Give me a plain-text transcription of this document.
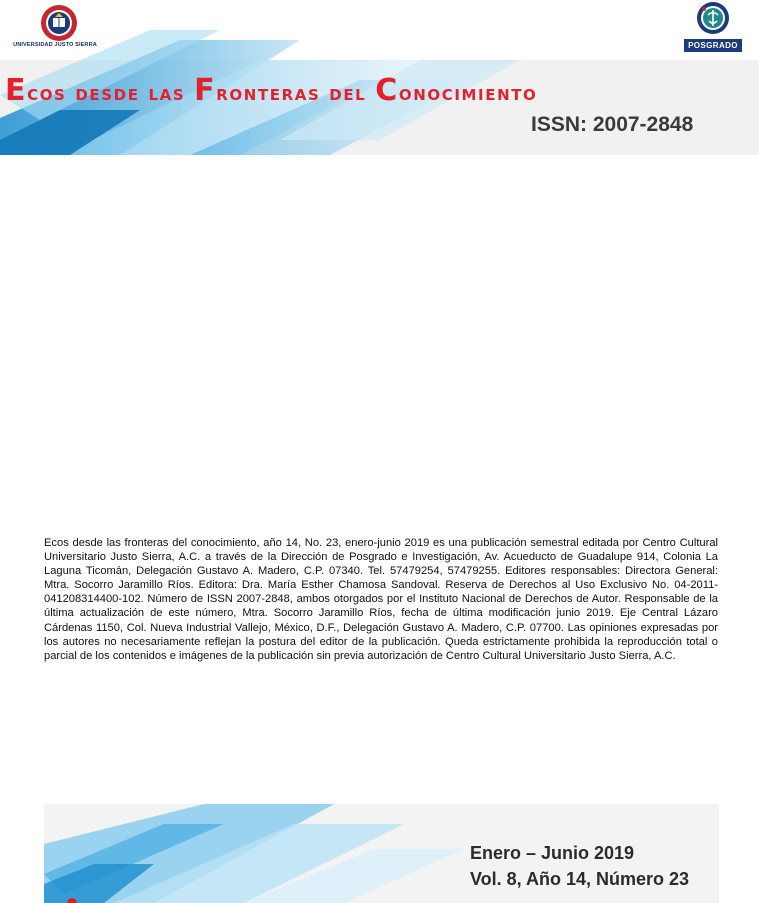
UNIVERSIDAD JUSTO SIERRA	POSGRADO
Ecos desde las Fronteras del Conocimiento
ISSN: 2007-2848
Ecos desde las fronteras del conocimiento, año 14, No. 23, enero-junio 2019 es una publicación semestral editada por Centro Cultural Universitario Justo Sierra, A.C. a través de la Dirección de Posgrado e Investigación, Av. Acueducto de Guadalupe 914, Colonia La Laguna Ticomán, Delegación Gustavo A. Madero, C.P. 07340. Tel. 57479254, 57479255. Editores responsables: Directora General: Mtra. Socorro Jaramillo Ríos. Editora: Dra. María Esther Chamosa Sandoval. Reserva de Derechos al Uso Exclusivo No. 04-2011-041208314400-102. Número de ISSN 2007-2848, ambos otorgados por el Instituto Nacional de Derechos de Autor. Responsable de la última actualización de este número, Mtra. Socorro Jaramillo Ríos, fecha de última modificación junio 2019. Eje Central Lázaro Cárdenas 1150, Col. Nueva Industrial Vallejo, México, D.F., Delegación Gustavo A. Madero, C.P. 07700. Las opiniones expresadas por los autores no necesariamente reflejan la postura del editor de la publicación. Queda estrictamente prohibida la reproducción total o parcial de los contenidos e imágenes de la publicación sin previa autorización de Centro Cultural Universitario Justo Sierra, A.C.
Enero – Junio 2019
Vol. 8, Año 14, Número 23
